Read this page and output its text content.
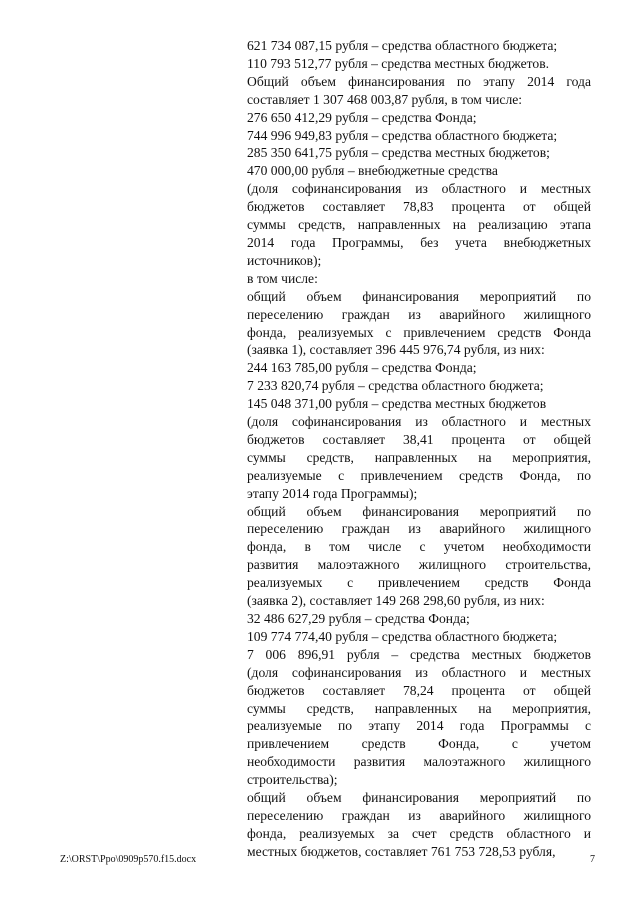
621 734 087,15 рубля – средства областного бюджета;
110 793 512,77 рубля – средства местных бюджетов.
Общий объем финансирования по этапу 2014 года
составляет 1 307 468 003,87 рубля, в том числе:
276 650 412,29 рубля – средства Фонда;
744 996 949,83 рубля – средства областного бюджета;
285 350 641,75 рубля – средства местных бюджетов;
470 000,00 рубля – внебюджетные средства
(доля софинансирования из областного и местных
бюджетов составляет 78,83 процента от общей
суммы средств, направленных на реализацию этапа
2014 года Программы, без учета внебюджетных
источников);
в том числе:
общий объем финансирования мероприятий по
переселению граждан из аварийного жилищного
фонда, реализуемых с привлечением средств Фонда
(заявка 1), составляет 396 445 976,74 рубля, из них:
244 163 785,00 рубля – средства Фонда;
7 233 820,74 рубля – средства областного бюджета;
145 048 371,00 рубля – средства местных бюджетов
(доля софинансирования из областного и местных
бюджетов составляет 38,41 процента от общей
суммы средств, направленных на мероприятия,
реализуемые с привлечением средств Фонда, по
этапу 2014 года Программы);
общий объем финансирования мероприятий по
переселению граждан из аварийного жилищного
фонда, в том числе с учетом необходимости
развития малоэтажного жилищного строительства,
реализуемых с привлечением средств Фонда
(заявка 2), составляет 149 268 298,60 рубля, из них:
32 486 627,29 рубля – средства Фонда;
109 774 774,40 рубля – средства областного бюджета;
7 006 896,91 рубля – средства местных бюджетов
(доля софинансирования из областного и местных
бюджетов составляет 78,24 процента от общей
суммы средств, направленных на мероприятия,
реализуемые по этапу 2014 года Программы с
привлечением средств Фонда, с учетом
необходимости развития малоэтажного жилищного
строительства);
общий объем финансирования мероприятий по
переселению граждан из аварийного жилищного
фонда, реализуемых за счет средств областного и
местных бюджетов, составляет 761 753 728,53 рубля,
Z:\ORST\Ppo\0909p570.f15.docx	7
